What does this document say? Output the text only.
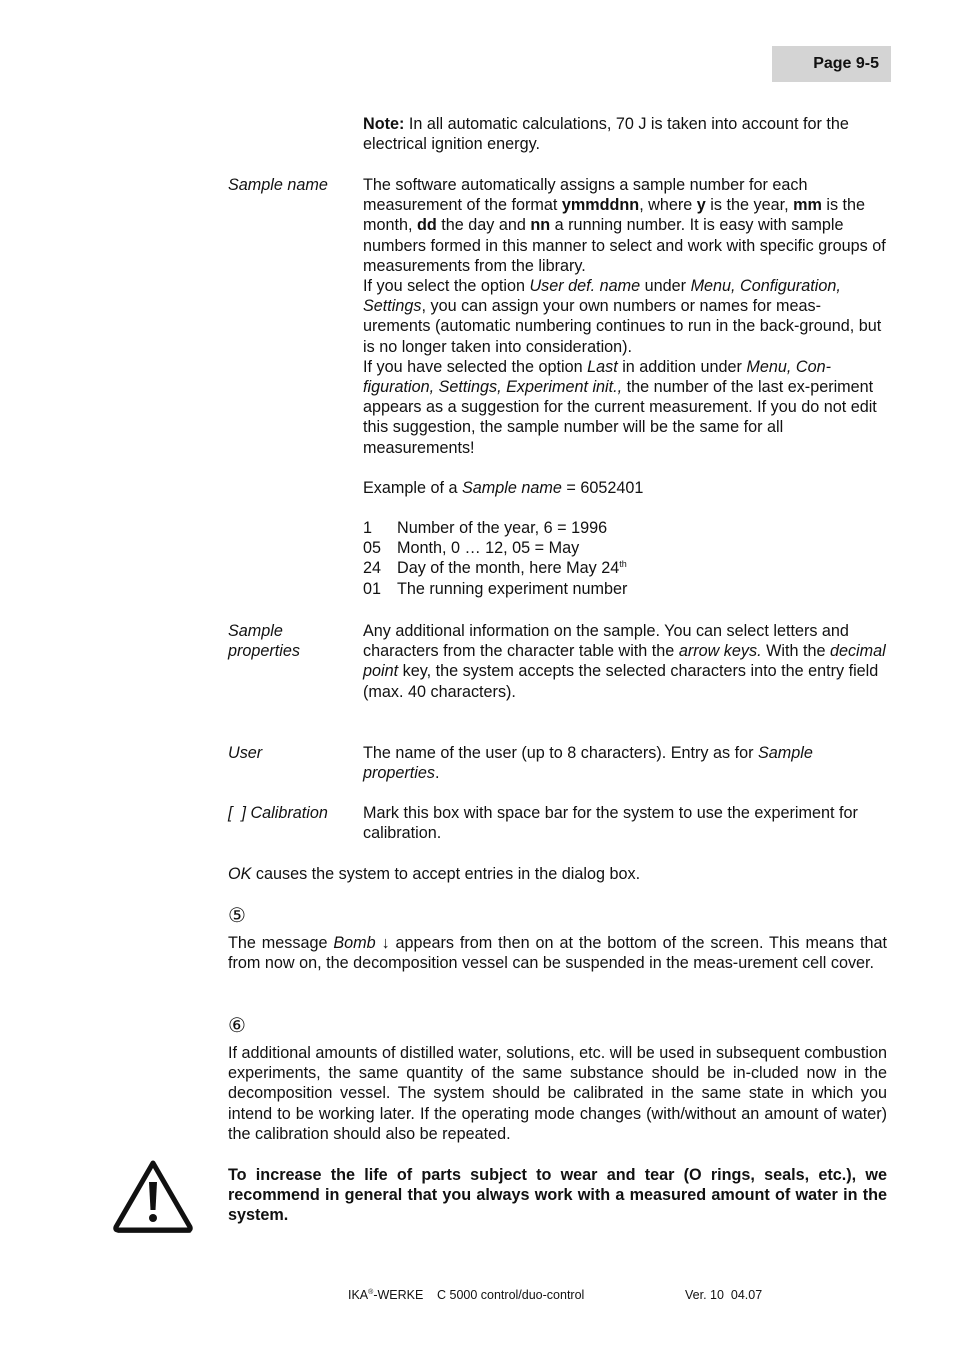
Page 9-5
Note: In all automatic calculations, 70 J is taken into account for the electrical ignition energy.
Sample name The software automatically assigns a sample number for each measurement of the format ymmddnn, where y is the year, mm is the month, dd the day and nn a running number. It is easy with sample numbers formed in this manner to select and work with specific groups of measurements from the library.
If you select the option User def. name under Menu, Configuration, Settings, you can assign your own numbers or names for meas-urements (automatic numbering continues to run in the back-ground, but is no longer taken into consideration).
If you have selected the option Last in addition under Menu, Con-figuration, Settings, Experiment init., the number of the last ex-periment appears as a suggestion for the current measurement. If you do not edit this suggestion, the sample number will be the same for all measurements!
Example of a Sample name = 6052401
1	Number of the year, 6 = 1996
05 Month, 0 … 12, 05 = May
24 Day of the month, here May 24th
01 The running experiment number
Sample
properties
Any additional information on the sample. You can select letters and characters from the character table with the arrow keys. With the decimal point key, the system accepts the selected characters into the entry field (max. 40 characters).
User	The name of the user (up to 8 characters). Entry as for Sample properties.
[  ] Calibration Mark this box with space bar for the system to use the experiment for calibration.
OK causes the system to accept entries in the dialog box.
⑤
The message Bomb ↓ appears from then on at the bottom of the screen. This means that from now on, the decomposition vessel can be suspended in the meas-urement cell cover.
⑥
If additional amounts of distilled water, solutions, etc. will be used in subsequent combustion experiments, the same quantity of the same substance should be in-cluded now in the decomposition vessel. The system should be calibrated in the same state in which you intend to be working later. If the operating mode changes (with/without an amount of water) the calibration should also be repeated.
To increase the life of parts subject to wear and tear (O rings, seals, etc.), we recommend in general that you always work with a measured amount of water in the system.
IKA®-WERKE C 5000 control/duo-control	Ver. 10  04.07
